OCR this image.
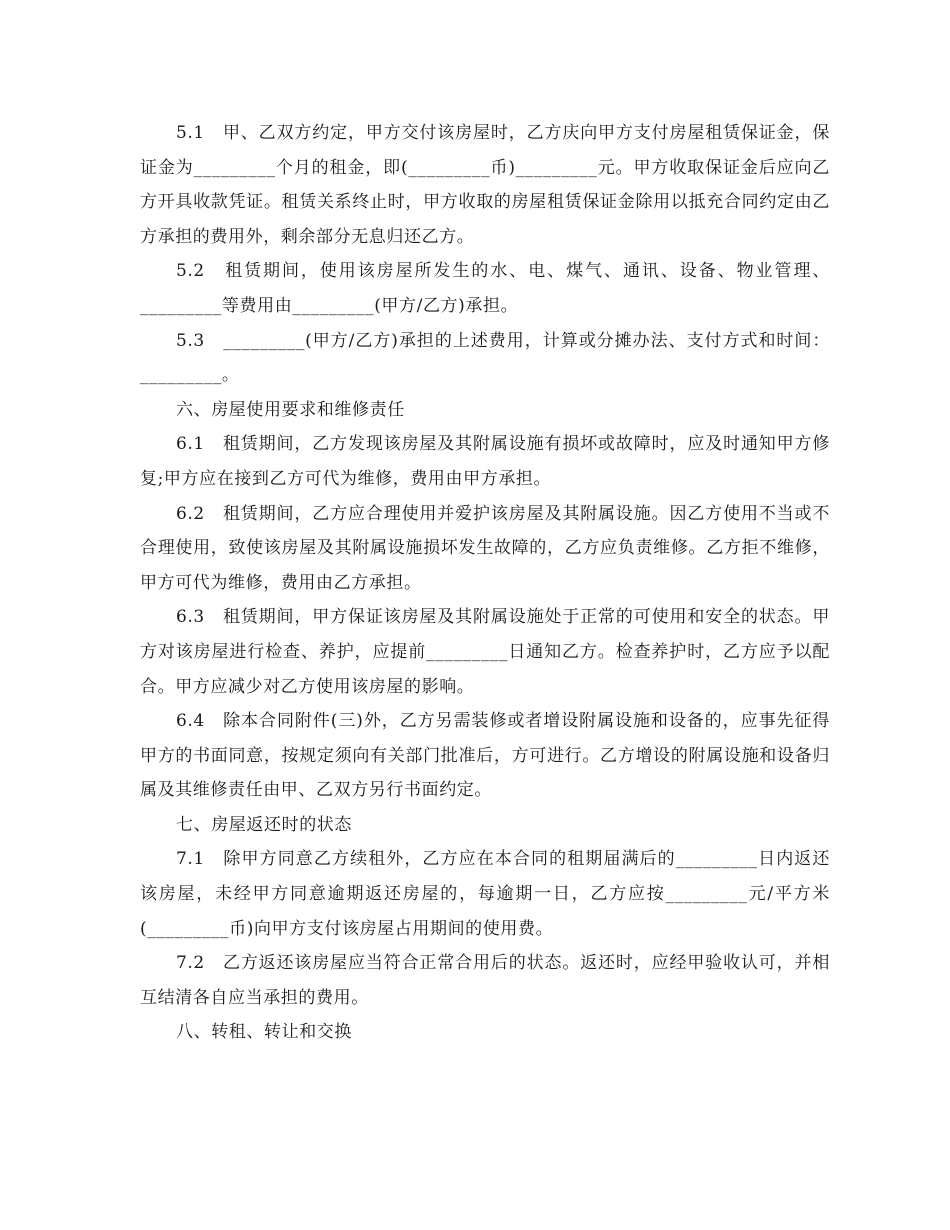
5.1　甲、乙双方约定，甲方交付该房屋时，乙方庆向甲方支付房屋租赁保证金，保证金为_________个月的租金，即(_________币)_________元。甲方收取保证金后应向乙方开具收款凭证。租赁关系终止时，甲方收取的房屋租赁保证金除用以抵充合同约定由乙方承担的费用外，剩余部分无息归还乙方。

5.2　租赁期间，使用该房屋所发生的水、电、煤气、通讯、设备、物业管理、_________等费用由_________(甲方/乙方)承担。

5.3　_________(甲方/乙方)承担的上述费用，计算或分摊办法、支付方式和时间：_________。

六、房屋使用要求和维修责任

6.1　租赁期间，乙方发现该房屋及其附属设施有损坏或故障时，应及时通知甲方修复;甲方应在接到乙方可代为维修，费用由甲方承担。

6.2　租赁期间，乙方应合理使用并爱护该房屋及其附属设施。因乙方使用不当或不合理使用，致使该房屋及其附属设施损坏发生故障的，乙方应负责维修。乙方拒不维修，甲方可代为维修，费用由乙方承担。

6.3　租赁期间，甲方保证该房屋及其附属设施处于正常的可使用和安全的状态。甲方对该房屋进行检查、养护，应提前_________日通知乙方。检查养护时，乙方应予以配合。甲方应减少对乙方使用该房屋的影响。

6.4　除本合同附件(三)外，乙方另需装修或者增设附属设施和设备的，应事先征得甲方的书面同意，按规定须向有关部门批准后，方可进行。乙方增设的附属设施和设备归属及其维修责任由甲、乙双方另行书面约定。

七、房屋返还时的状态

7.1　除甲方同意乙方续租外，乙方应在本合同的租期届满后的_________日内返还该房屋，未经甲方同意逾期返还房屋的，每逾期一日，乙方应按_________元/平方米(_________币)向甲方支付该房屋占用期间的使用费。

7.2　乙方返还该房屋应当符合正常合用后的状态。返还时，应经甲验收认可，并相互结清各自应当承担的费用。

八、转租、转让和交换
